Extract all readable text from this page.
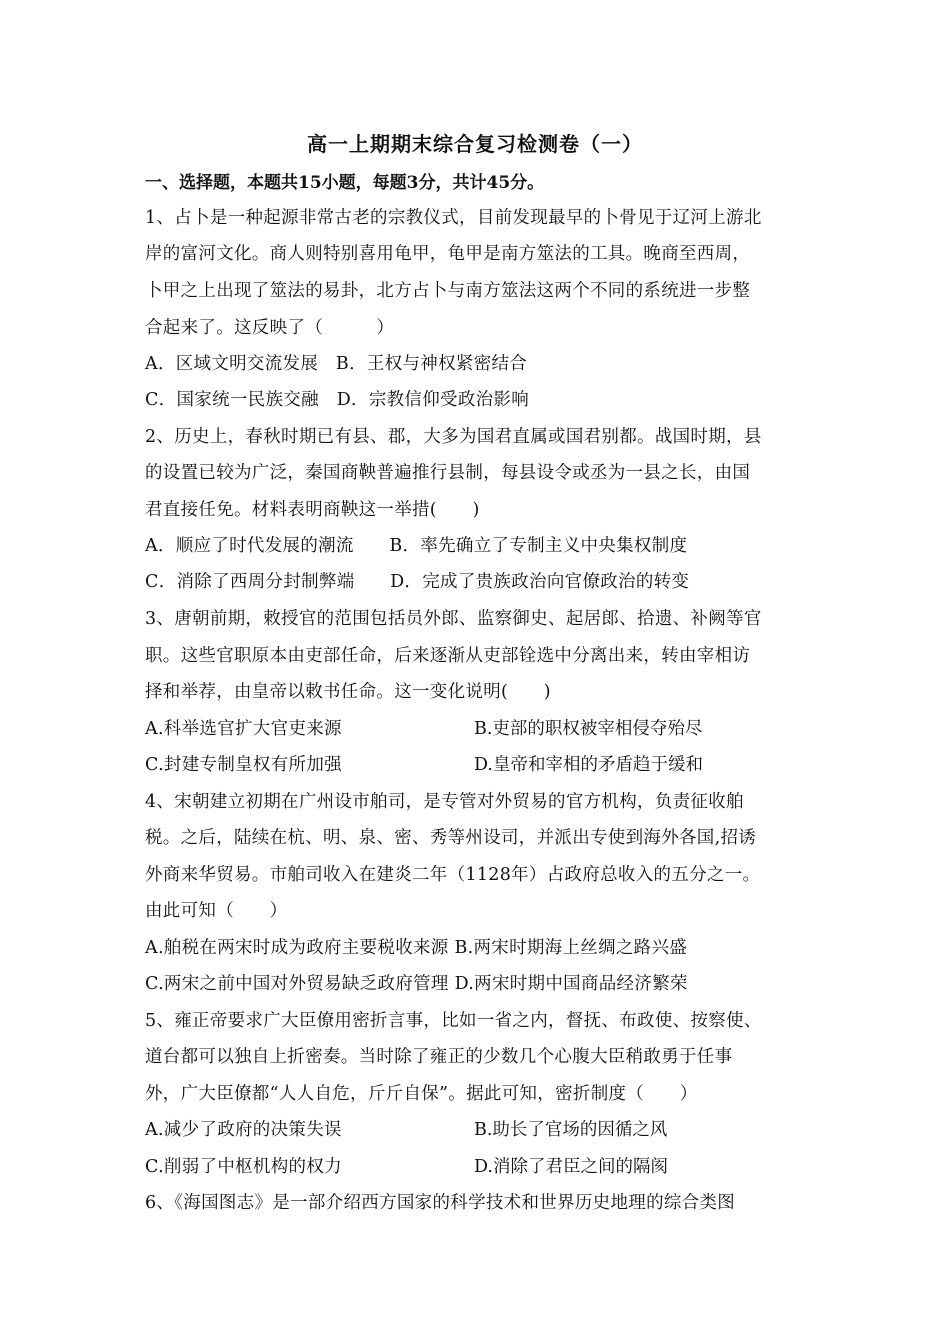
高一上期期末综合复习检测卷（一）
一、选择题，本题共15小题，每题3分，共计45分。
1、占卜是一种起源非常古老的宗教仪式，目前发现最早的卜骨见于辽河上游北
岸的富河文化。商人则特别喜用龟甲，龟甲是南方筮法的工具。晚商至西周，
卜甲之上出现了筮法的易卦，北方占卜与南方筮法这两个不同的系统进一步整
合起来了。这反映了（　　　）
A．区域文明交流发展　B．王权与神权紧密结合
C．国家统一民族交融　D．宗教信仰受政治影响
2、历史上，春秋时期已有县、郡，大多为国君直属或国君别都。战国时期，县
的设置已较为广泛，秦国商鞅普遍推行县制，每县设令或丞为一县之长，由国
君直接任免。材料表明商鞅这一举措(　　)
A．顺应了时代发展的潮流　　B．率先确立了专制主义中央集权制度
C．消除了西周分封制弊端　　D．完成了贵族政治向官僚政治的转变
3、唐朝前期，敕授官的范围包括员外郎、监察御史、起居郎、拾遗、补阙等官
职。这些官职原本由吏部任命，后来逐渐从吏部铨选中分离出来，转由宰相访
择和举荐，由皇帝以敕书任命。这一变化说明(　　)
A.科举选官扩大官吏来源	B.吏部的职权被宰相侵夺殆尽
C.封建专制皇权有所加强	D.皇帝和宰相的矛盾趋于缓和
4、宋朝建立初期在广州设市舶司，是专管对外贸易的官方机构，负责征收舶
税。之后，陆续在杭、明、泉、密、秀等州设司，并派出专使到海外各国,招诱
外商来华贸易。市舶司收入在建炎二年（1128年）占政府总收入的五分之一。
由此可知（　　）
A.舶税在两宋时成为政府主要税收来源 B.两宋时期海上丝绸之路兴盛
C.两宋之前中国对外贸易缺乏政府管理 D.两宋时期中国商品经济繁荣
5、雍正帝要求广大臣僚用密折言事，比如一省之内，督抚、布政使、按察使、
道台都可以独自上折密奏。当时除了雍正的少数几个心腹大臣稍敢勇于任事
外，广大臣僚都“人人自危，斤斤自保”。据此可知，密折制度（　　）
A.减少了政府的决策失误	B.助长了官场的因循之风
C.削弱了中枢机构的权力	D.消除了君臣之间的隔阂
6、《海国图志》是一部介绍西方国家的科学技术和世界历史地理的综合类图
